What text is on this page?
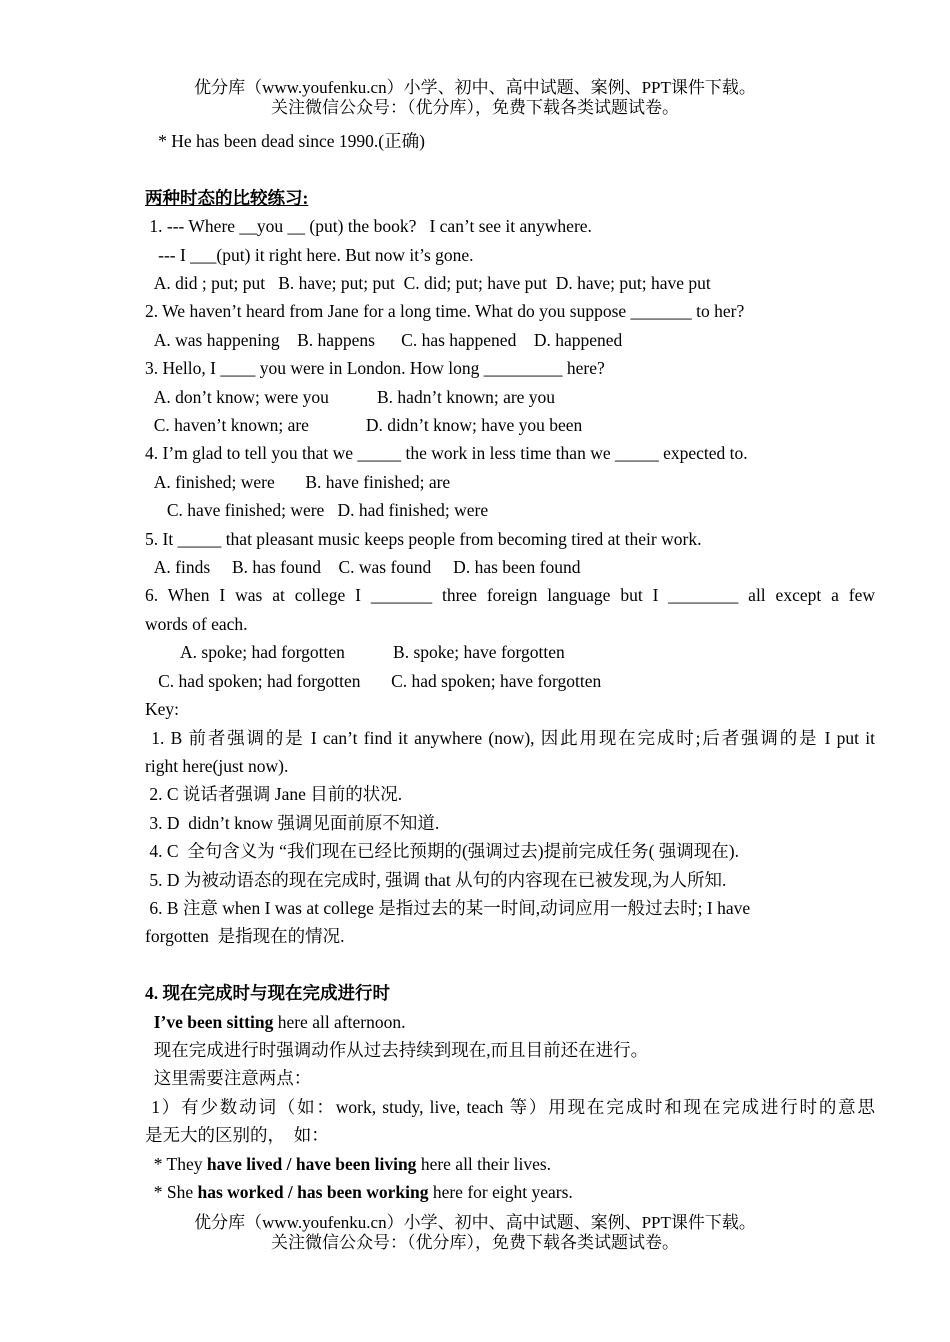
优分库（www.youfenku.cn）小学、初中、高中试题、案例、PPT课件下载。
关注微信公众号：（优分库），免费下载各类试题试卷。

* He has been dead since 1990.(正确)

两种时态的比较练习:

1. --- Where __you __ (put) the book?   I can’t see it anywhere.

--- I ___(put) it right here. But now it’s gone.

A. did ; put; put   B. have; put; put  C. did; put; have put  D. have; put; have put

2. We haven’t heard from Jane for a long time. What do you suppose _______ to her?

A. was happening    B. happens      C. has happened    D. happened

3. Hello, I ____ you were in London. How long _________ here?

A. don’t know; were you           B. hadn’t known; are you

C. haven’t known; are             D. didn’t know; have you been

4. I’m glad to tell you that we _____ the work in less time than we _____ expected to.

A. finished; were       B. have finished; are

C. have finished; were   D. had finished; were

5. It _____ that pleasant music keeps people from becoming tired at their work.

A. finds     B. has found    C. was found     D. has been found

6. When I was at college I _______ three foreign language but I ________ all except a few

words of each.

A. spoke; had forgotten           B. spoke; have forgotten

C. had spoken; had forgotten       C. had spoken; have forgotten

Key:

1. B 前者强调的是 I can’t find it anywhere (now), 因此用现在完成时;后者强调的是 I put it

right here(just now).

2. C 说话者强调 Jane 目前的状况.

3. D  didn’t know 强调见面前原不知道.

4. C  全句含义为 “我们现在已经比预期的(强调过去)提前完成任务( 强调现在).

5. D 为被动语态的现在完成时, 强调 that 从句的内容现在已被发现,为人所知.

6. B 注意 when I was at college 是指过去的某一时间,动词应用一般过去时; I have

forgotten  是指现在的情况.

4. 现在完成时与现在完成进行时

I’ve been sitting here all afternoon.

现在完成进行时强调动作从过去持续到现在,而且目前还在进行。

这里需要注意两点：

1）有少数动词（如：work, study, live, teach 等）用现在完成时和现在完成进行时的意思

是无大的区别的，  如：

* They have lived / have been living here all their lives.

* She has worked / has been working here for eight years.

优分库（www.youfenku.cn）小学、初中、高中试题、案例、PPT课件下载。
关注微信公众号：（优分库），免费下载各类试题试卷。
